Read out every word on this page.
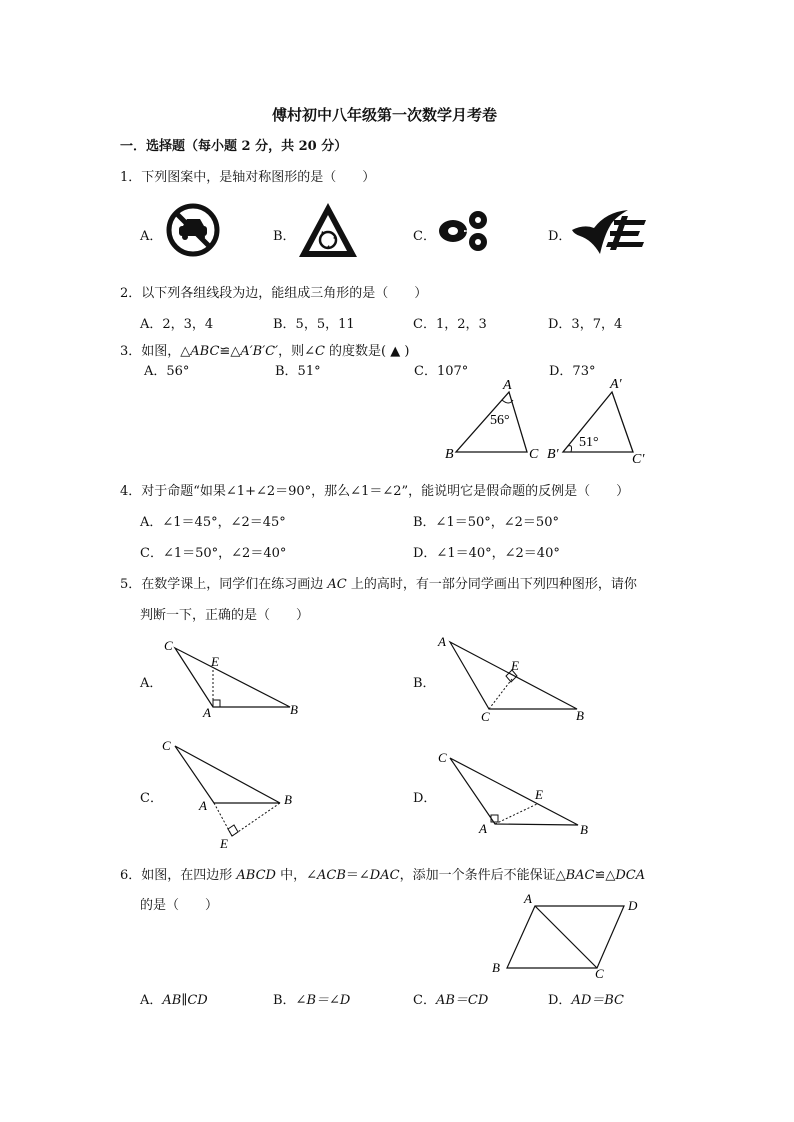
傅村初中八年级第一次数学月考卷
一．选择题（每小题 2 分，共 20 分）
1．下列图案中，是轴对称图形的是（　　）
A．	B．	C．	D．
2．以下列各组线段为边，能组成三角形的是（　　）
A．2，3，4	B．5，5，11	C．1，2，3	D．3，7，4
3．如图，△ABC≌△A′B′C′，则∠C 的度数是( ▲ )
A．56°	B．51°	C．107°	D．73°
A
B	C
56°
A′
B′	C′
51°
4．对于命题“如果∠1+∠2＝90°，那么∠1＝∠2”，能说明它是假命题的反例是（　　）
A．∠1＝45°，∠2＝45°	B．∠1＝50°，∠2＝50°
C．∠1＝50°，∠2＝40°	D．∠1＝40°，∠2＝40°
5．在数学课上，同学们在练习画边 AC 上的高时，有一部分同学画出下列四种图形，请你
判断一下，正确的是（　　）
A．
C
E
A	B
B．
A
E
C	B
C．
C
A	B
E
D．
C
E
A	B
6．如图，在四边形 ABCD 中，∠ACB＝∠DAC，添加一个条件后不能保证△BAC≌△DCA
的是（　　）	A	D
B	C
A．AB∥CD	B．∠B＝∠D	C．AB＝CD	D．AD＝BC
